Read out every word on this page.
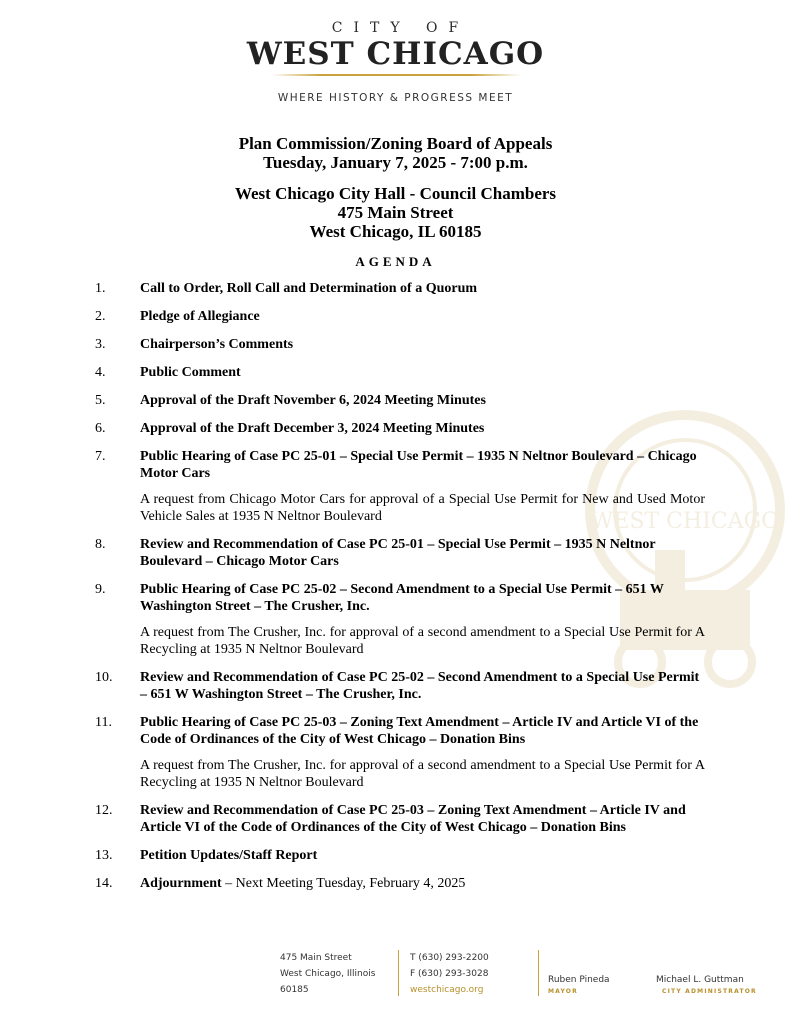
WEST CHICAGO
CITY OF
WEST CHICAGO
WHERE HISTORY & PROGRESS MEET
Plan Commission/Zoning Board of Appeals
Tuesday, January 7, 2025 - 7:00 p.m.
West Chicago City Hall - Council Chambers
475 Main Street
West Chicago, IL 60185
AGENDA
1. Call to Order, Roll Call and Determination of a Quorum
2. Pledge of Allegiance
3. Chairperson’s Comments
4. Public Comment
5. Approval of the Draft November 6, 2024 Meeting Minutes
6. Approval of the Draft December 3, 2024 Meeting Minutes
7. Public Hearing of Case PC 25-01 – Special Use Permit – 1935 N Neltnor Boulevard – Chicago Motor Cars
A request from Chicago Motor Cars for approval of a Special Use Permit for New and Used Motor Vehicle Sales at 1935 N Neltnor Boulevard
8. Review and Recommendation of Case PC 25-01 – Special Use Permit – 1935 N Neltnor Boulevard – Chicago Motor Cars
9. Public Hearing of Case PC 25-02 – Second Amendment to a Special Use Permit – 651 W Washington Street – The Crusher, Inc.
A request from The Crusher, Inc. for approval of a second amendment to a Special Use Permit for A Recycling at 1935 N Neltnor Boulevard
10. Review and Recommendation of Case PC 25-02 – Second Amendment to a Special Use Permit – 651 W Washington Street – The Crusher, Inc.
11. Public Hearing of Case PC 25-03 – Zoning Text Amendment – Article IV and Article VI of the Code of Ordinances of the City of West Chicago – Donation Bins
A request from The Crusher, Inc. for approval of a second amendment to a Special Use Permit for A Recycling at 1935 N Neltnor Boulevard
12. Review and Recommendation of Case PC 25-03 – Zoning Text Amendment – Article IV and Article VI of the Code of Ordinances of the City of West Chicago – Donation Bins
13. Petition Updates/Staff Report
14. Adjournment – Next Meeting Tuesday, February 4, 2025
475 Main Street
West Chicago, Illinois
60185
T (630) 293-2200
F (630) 293-3028
westchicago.org
Ruben Pineda
MAYOR
Michael L. Guttman
CITY ADMINISTRATOR
